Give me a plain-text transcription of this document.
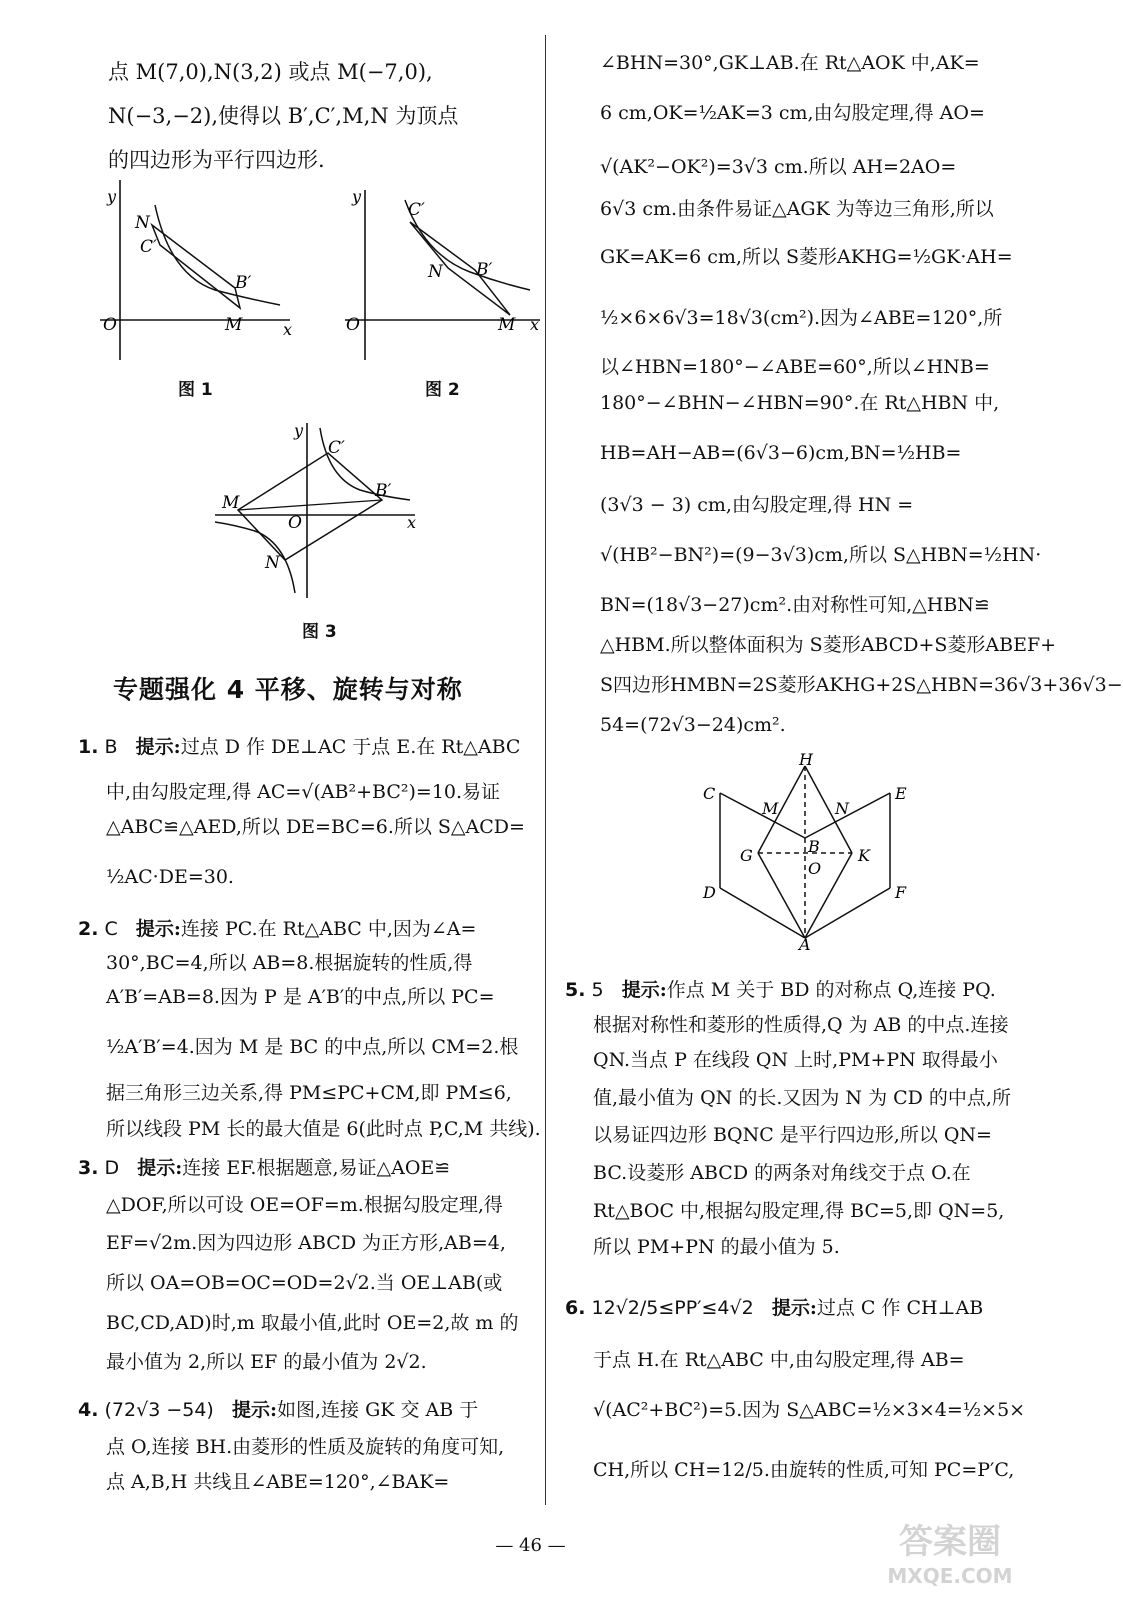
点 M(7,0),N(3,2) 或点 M(−7,0),
N(−3,−2),使得以 B′,C′,M,N 为顶点
的四边形为平行四边形.
y
x
O
N
C′
B′
M
图 1
y
x
O
C′
N B′
M
图 2
y
x
O
M
C′
B′
N
图 3
专题强化 4 平移、旋转与对称
1. B 提示:过点 D 作 DE⊥AC 于点 E.在 Rt△ABC
中,由勾股定理,得 AC=√(AB²+BC²)=10.易证
△ABC≌△AED,所以 DE=BC=6.所以 S△ACD=
½AC·DE=30.
2. C 提示:连接 PC.在 Rt△ABC 中,因为∠A=
30°,BC=4,所以 AB=8.根据旋转的性质,得
A′B′=AB=8.因为 P 是 A′B′的中点,所以 PC=
½A′B′=4.因为 M 是 BC 的中点,所以 CM=2.根
据三角形三边关系,得 PM≤PC+CM,即 PM≤6,
所以线段 PM 长的最大值是 6(此时点 P,C,M 共线).
3. D 提示:连接 EF.根据题意,易证△AOE≌
△DOF,所以可设 OE=OF=m.根据勾股定理,得
EF=√2m.因为四边形 ABCD 为正方形,AB=4,
所以 OA=OB=OC=OD=2√2.当 OE⊥AB(或
BC,CD,AD)时,m 取最小值,此时 OE=2,故 m 的
最小值为 2,所以 EF 的最小值为 2√2.
4. (72√3 −54) 提示:如图,连接 GK 交 AB 于
点 O,连接 BH.由菱形的性质及旋转的角度可知,
点 A,B,H 共线且∠ABE=120°,∠BAK=
∠BHN=30°,GK⊥AB.在 Rt△AOK 中,AK=
6 cm,OK=½AK=3 cm,由勾股定理,得 AO=
√(AK²−OK²)=3√3 cm.所以 AH=2AO=
6√3 cm.由条件易证△AGK 为等边三角形,所以
GK=AK=6 cm,所以 S菱形AKHG=½GK·AH=
½×6×6√3=18√3(cm²).因为∠ABE=120°,所
以∠HBN=180°−∠ABE=60°,所以∠HNB=
180°−∠BHN−∠HBN=90°.在 Rt△HBN 中,
HB=AH−AB=(6√3−6)cm,BN=½HB=
(3√3 − 3) cm,由勾股定理,得 HN =
√(HB²−BN²)=(9−3√3)cm,所以 S△HBN=½HN·
BN=(18√3−27)cm².由对称性可知,△HBN≌
△HBM.所以整体面积为 S菱形ABCD+S菱形ABEF+
S四边形HMBN=2S菱形AKHG+2S△HBN=36√3+36√3−
54=(72√3−24)cm².
H
C
M	N
E
G	B
O
K
D	F
A
5. 5 提示:作点 M 关于 BD 的对称点 Q,连接 PQ.
根据对称性和菱形的性质得,Q 为 AB 的中点.连接
QN.当点 P 在线段 QN 上时,PM+PN 取得最小
值,最小值为 QN 的长.又因为 N 为 CD 的中点,所
以易证四边形 BQNC 是平行四边形,所以 QN=
BC.设菱形 ABCD 的两条对角线交于点 O.在
Rt△BOC 中,根据勾股定理,得 BC=5,即 QN=5,
所以 PM+PN 的最小值为 5.
6. 12√2/5≤PP′≤4√2 提示:过点 C 作 CH⊥AB
于点 H.在 Rt△ABC 中,由勾股定理,得 AB=
√(AC²+BC²)=5.因为 S△ABC=½×3×4=½×5×
CH,所以 CH=12/5.由旋转的性质,可知 PC=P′C,
— 46 —	答案圈
MXQE.COM
